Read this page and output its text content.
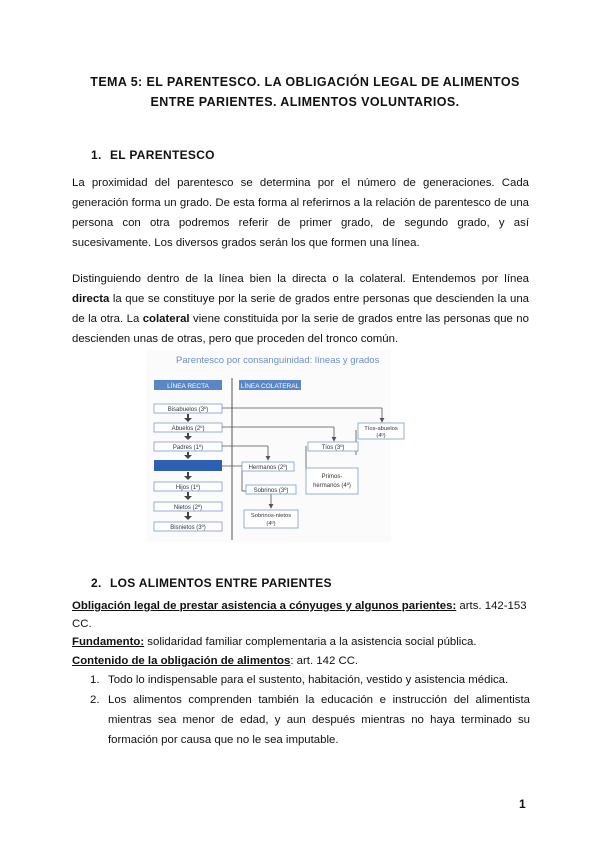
TEMA 5: EL PARENTESCO. LA OBLIGACIÓN LEGAL DE ALIMENTOS
ENTRE PARIENTES. ALIMENTOS VOLUNTARIOS.
1. EL PARENTESCO
La proximidad del parentesco se determina por el número de generaciones. Cada generación forma un grado. De esta forma al referirnos a la relación de parentesco de una persona con otra podremos referir de primer grado, de segundo grado, y así sucesivamente. Los diversos grados serán los que formen una línea.
Distinguiendo dentro de la línea bien la directa o la colateral. Entendemos por línea directa la que se constituye por la serie de grados entre personas que descienden la una de la otra. La colateral viene constituida por la serie de grados entre las personas que no descienden unas de otras, pero que proceden del tronco común.
Parentesco por consanguinidad: líneas y grados
LÍNEA RECTA	LÍNEA COLATERAL
Bisabuelos (3º)
Abuelos (2º)
Padres (1º)
Hijos (1º)
Nietos (2º)
Bisnietos (3º)
Tíos-abuelos
(4º)
Tíos (3º)
Hermanos (2º)
Sobrinos (3º)
Primos-
hermanos (4º)
Sobrinos-nietos
(4º)
2. LOS ALIMENTOS ENTRE PARIENTES
Obligación legal de prestar asistencia a cónyuges y algunos parientes: arts. 142-153
CC.
Fundamento: solidaridad familiar complementaria a la asistencia social pública.
Contenido de la obligación de alimentos: art. 142 CC.
1. Todo lo indispensable para el sustento, habitación, vestido y asistencia médica.
2. Los alimentos comprenden también la educación e instrucción del alimentista mientras sea menor de edad, y aun después mientras no haya terminado su formación por causa que no le sea imputable.
1
